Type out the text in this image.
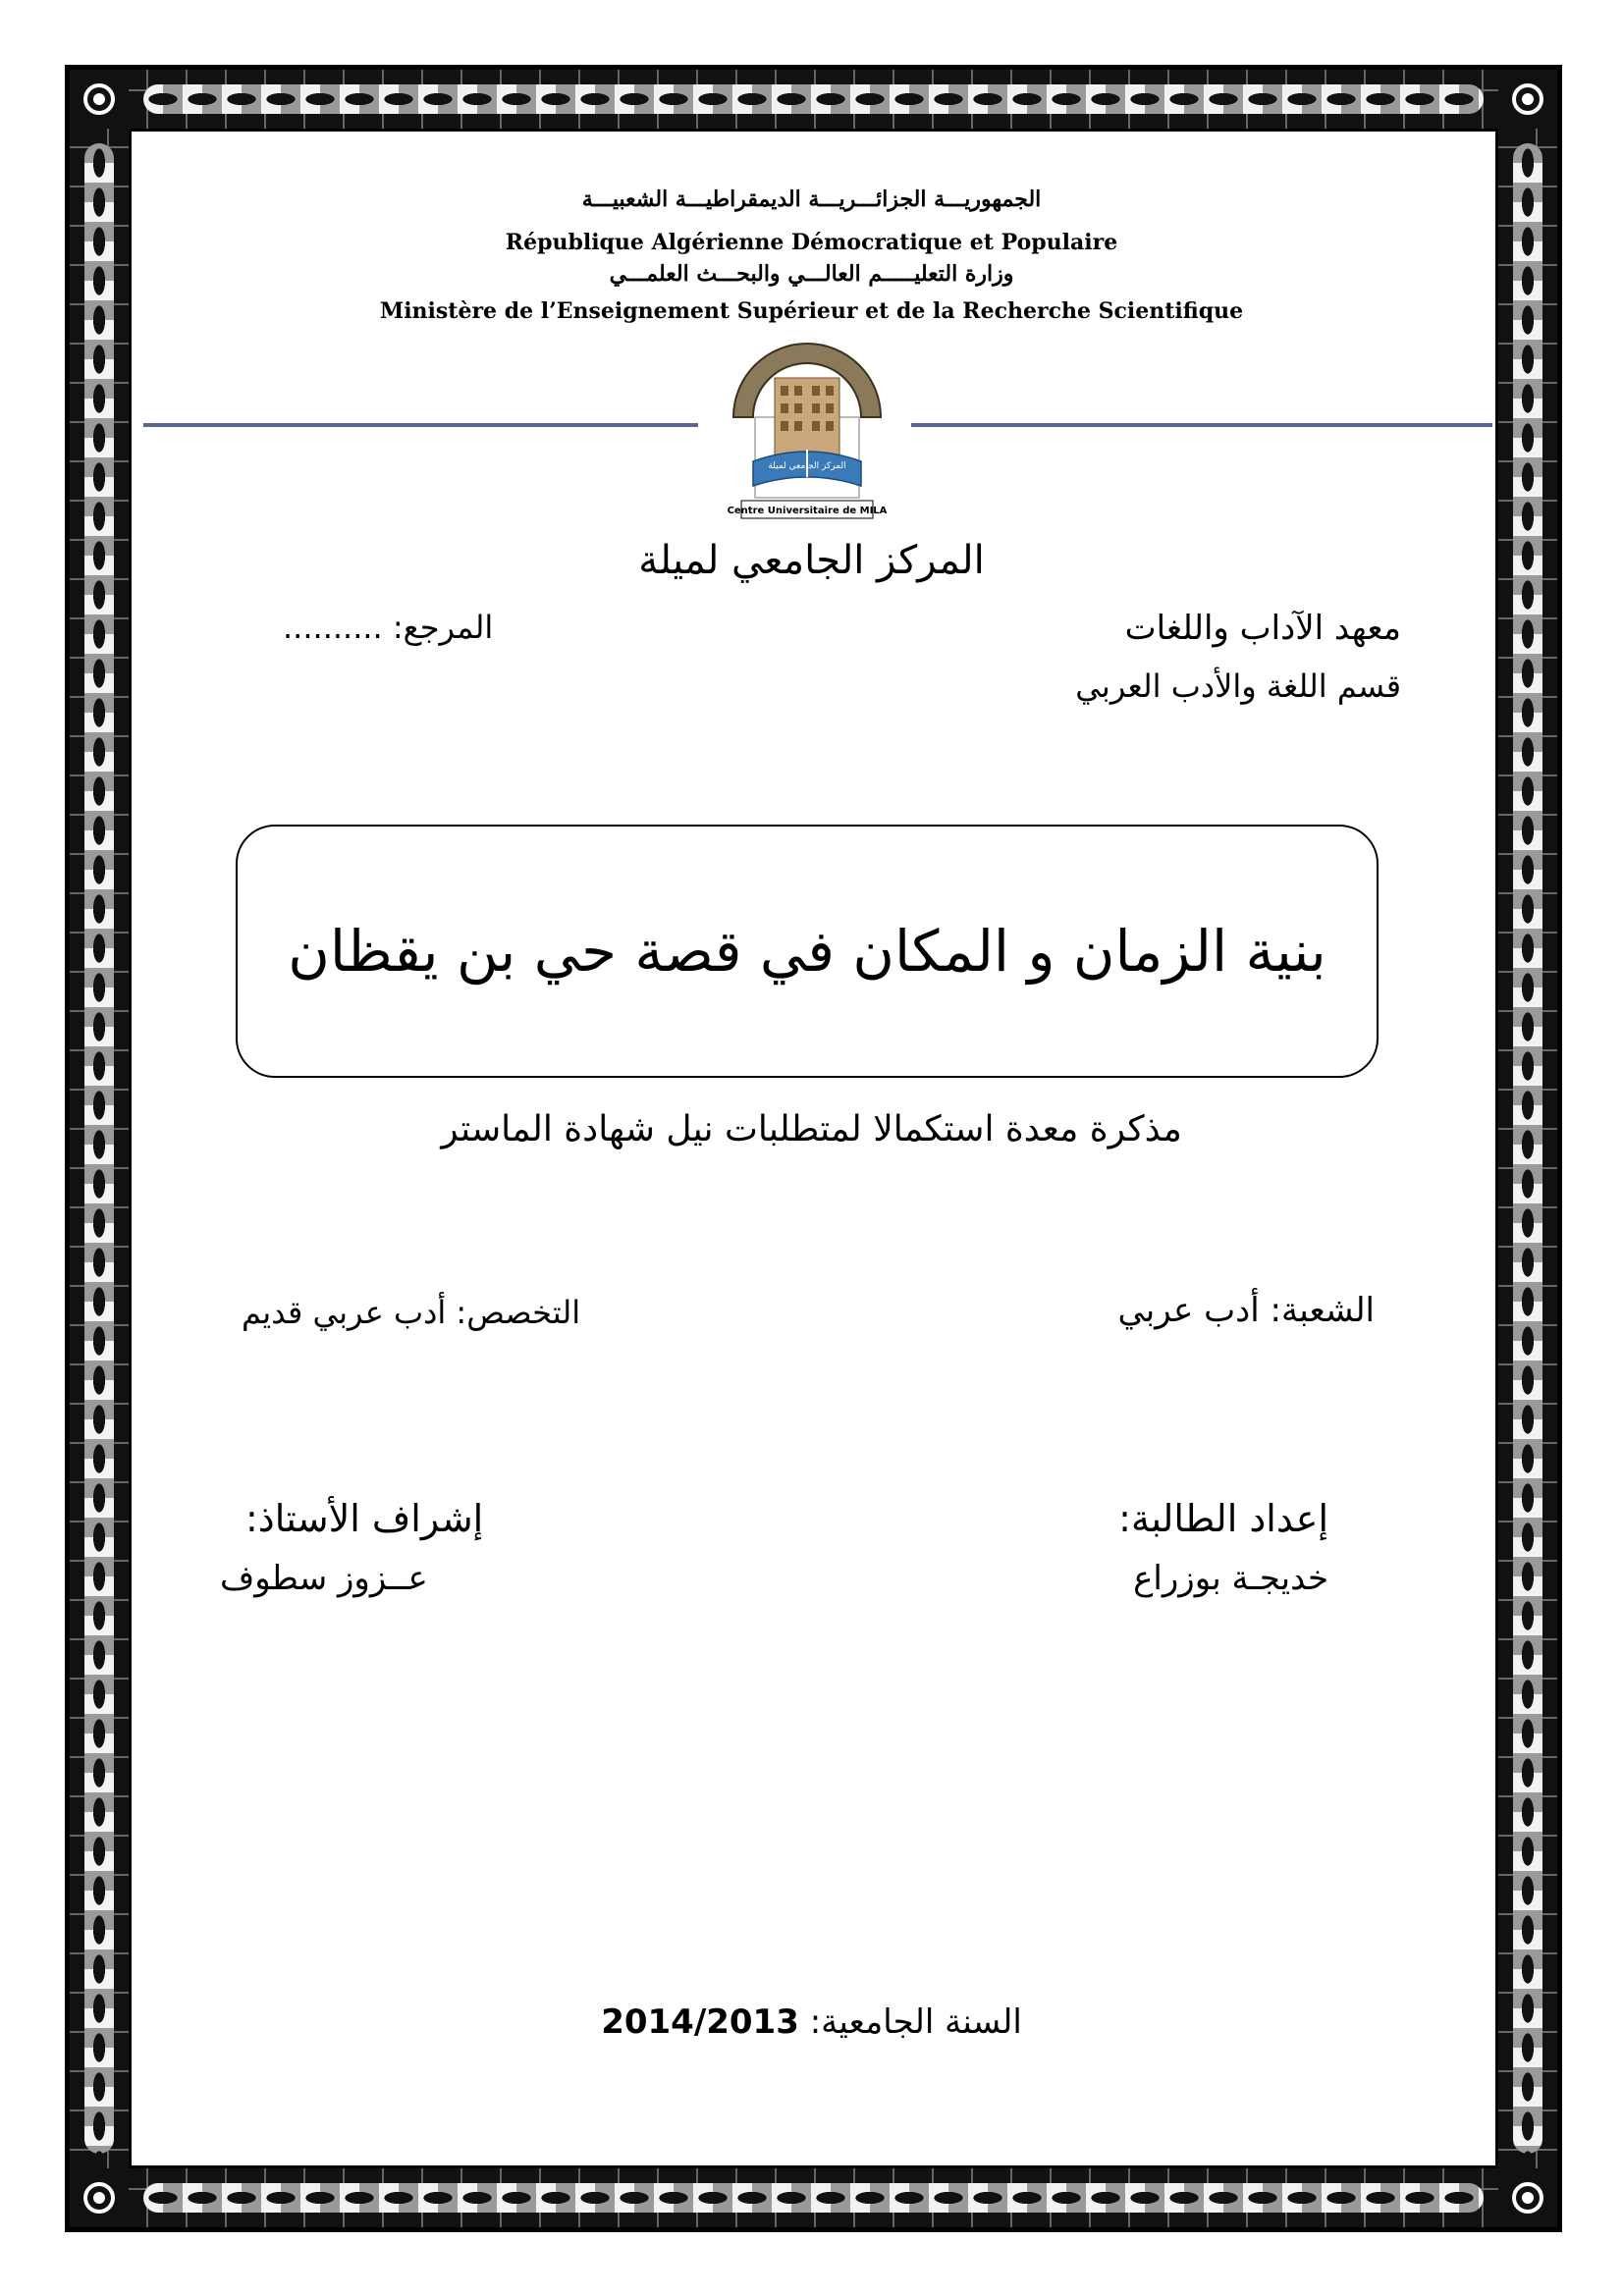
الجمهوريـــة الجزائـــريـــة الديمقراطيـــة الشعبيـــة
République Algérienne Démocratique et Populaire
وزارة التعليـــــم العالـــي والبحـــث العلمـــي
Ministère de l’Enseignement Supérieur et de la Recherche Scientifique
المركز الجامعي لميلة
Centre Universitaire de MILA
المركز الجامعي لميلة
معهد الآداب واللغات
قسم اللغة والأدب العربي
المرجع: ..........
بنية الزمان و المكان في قصة حي بن يقظان
مذكرة معدة استكمالا لمتطلبات نيل شهادة الماستر
الشعبة: أدب عربي
التخصص: أدب عربي قديم
إعداد الطالبة:
خديجـة بوزراع
إشراف الأستاذ:
عــزوز سطوف
السنة الجامعية: 2014/2013
